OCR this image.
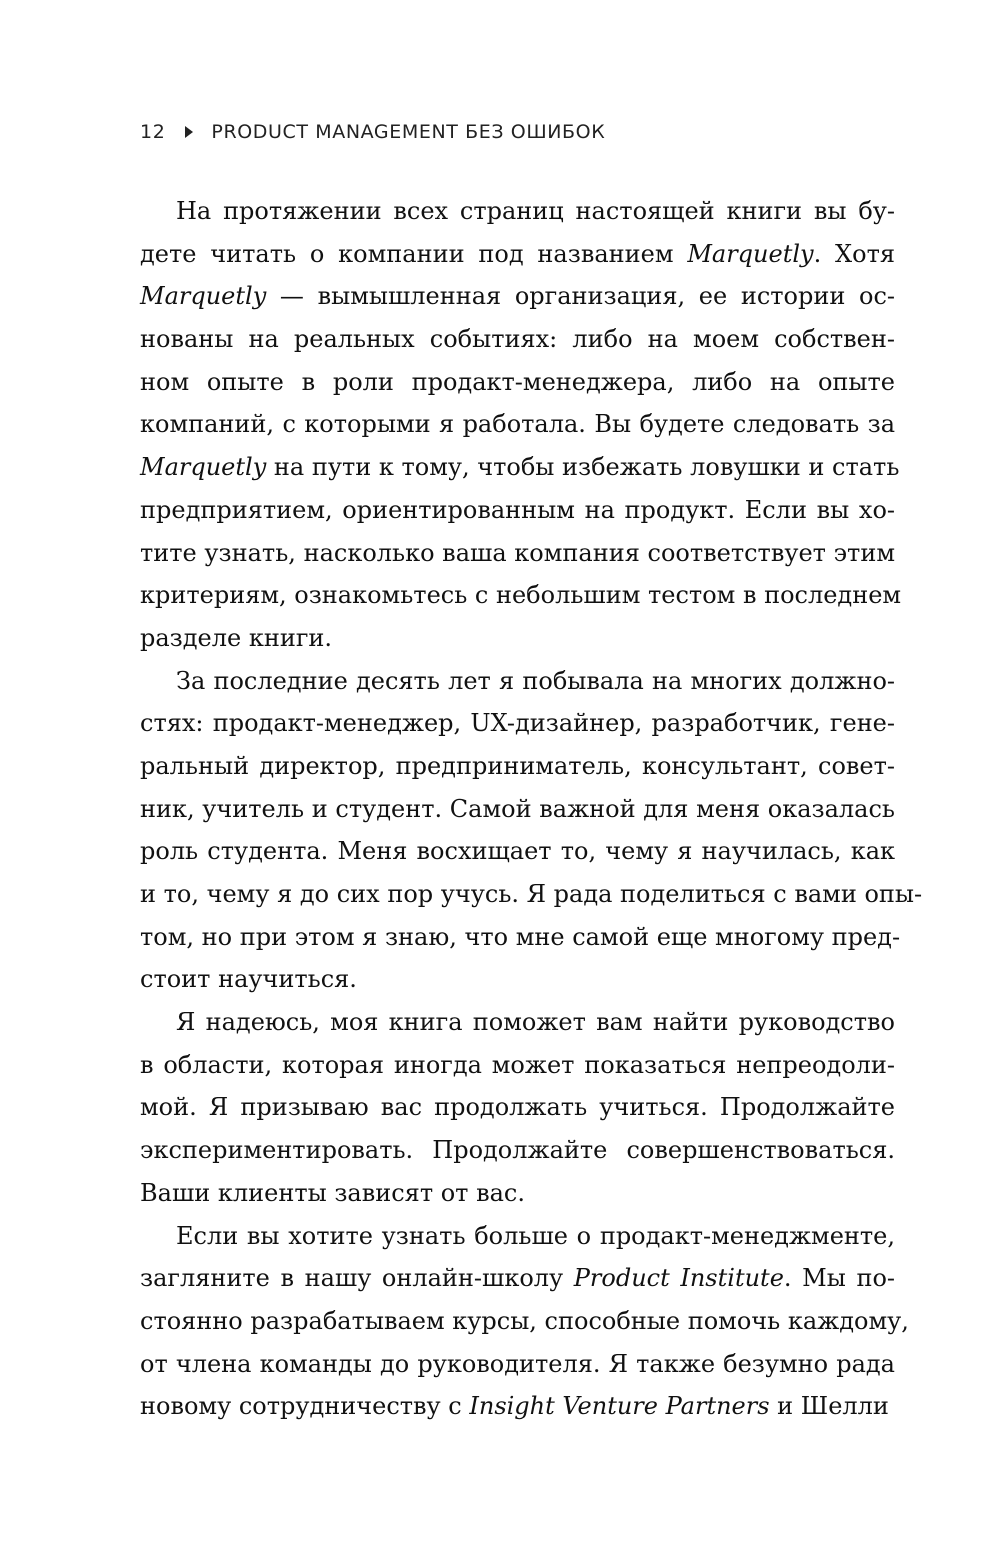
12 PRODUCT MANAGEMENT БЕЗ ОШИБОК
На протяжении всех страниц настоящей книги вы бу-
дете читать о компании под названием Marquetly. Хотя
Marquetly — вымышленная организация, ее истории ос-
нованы на реальных событиях: либо на моем собствен-
ном опыте в роли продакт-менеджера, либо на опыте
компаний, с которыми я работала. Вы будете следовать за
Marquetly на пути к тому, чтобы избежать ловушки и стать
предприятием, ориентированным на продукт. Если вы хо-
тите узнать, насколько ваша компания соответствует этим
критериям, ознакомьтесь с небольшим тестом в последнем
разделе книги.
За последние десять лет я побывала на многих должно-
стях: продакт-менеджер, UX-дизайнер, разработчик, гене-
ральный директор, предприниматель, консультант, совет-
ник, учитель и студент. Самой важной для меня оказалась
роль студента. Меня восхищает то, чему я научилась, как
и то, чему я до сих пор учусь. Я рада поделиться с вами опы-
том, но при этом я знаю, что мне самой еще многому пред-
стоит научиться.
Я надеюсь, моя книга поможет вам найти руководство
в области, которая иногда может показаться непреодоли-
мой. Я призываю вас продолжать учиться. Продолжайте
экспериментировать. Продолжайте совершенствоваться.
Ваши клиенты зависят от вас.
Если вы хотите узнать больше о продакт-менеджменте,
загляните в нашу онлайн-школу Product Institute. Мы по-
стоянно разрабатываем курсы, способные помочь каждому,
от члена команды до руководителя. Я также безумно рада
новому сотрудничеству с Insight Venture Partners и Шелли
